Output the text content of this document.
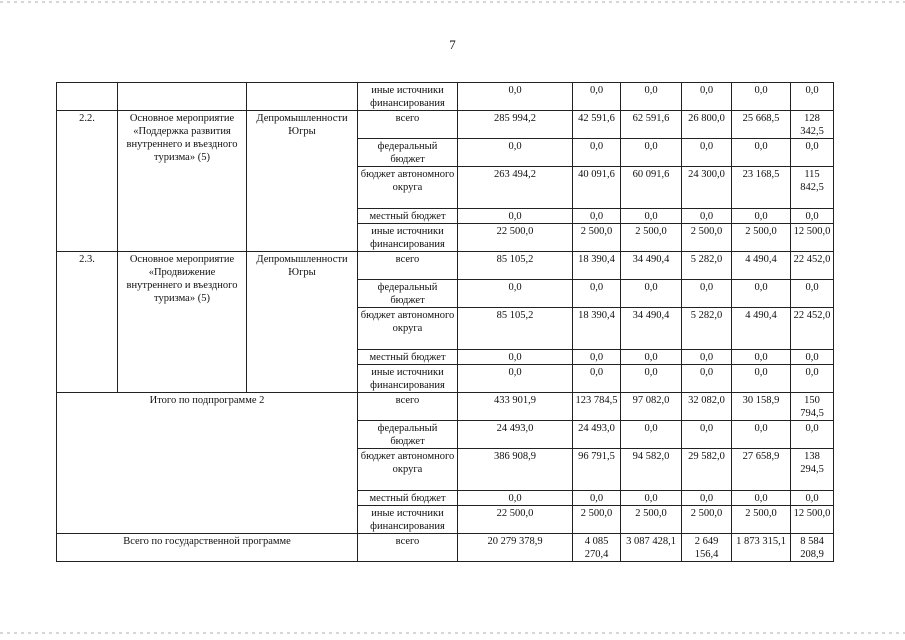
7
			иные источники финансирования	0,0	0,0	0,0	0,0	0,0	0,0
2.2.	Основное мероприятие «Поддержка развития внутреннего и въездного туризма» (5)	Депромышленности Югры	всего	285 994,2	42 591,6	62 591,6	26 800,0	25 668,5	128 342,5
			федеральный бюджет	0,0	0,0	0,0	0,0	0,0	0,0
			бюджет автономного округа	263 494,2	40 091,6	60 091,6	24 300,0	23 168,5	115 842,5
			местный бюджет	0,0	0,0	0,0	0,0	0,0	0,0
			иные источники финансирования	22 500,0	2 500,0	2 500,0	2 500,0	2 500,0	12 500,0
2.3.	Основное мероприятие «Продвижение внутреннего и въездного туризма» (5)	Депромышленности Югры	всего	85 105,2	18 390,4	34 490,4	5 282,0	4 490,4	22 452,0
			федеральный бюджет	0,0	0,0	0,0	0,0	0,0	0,0
			бюджет автономного округа	85 105,2	18 390,4	34 490,4	5 282,0	4 490,4	22 452,0
			местный бюджет	0,0	0,0	0,0	0,0	0,0	0,0
			иные источники финансирования	0,0	0,0	0,0	0,0	0,0	0,0
Итого по подпрограмме 2			всего	433 901,9	123 784,5	97 082,0	32 082,0	30 158,9	150 794,5
			федеральный бюджет	24 493,0	24 493,0	0,0	0,0	0,0	0,0
			бюджет автономного округа	386 908,9	96 791,5	94 582,0	29 582,0	27 658,9	138 294,5
			местный бюджет	0,0	0,0	0,0	0,0	0,0	0,0
			иные источники финансирования	22 500,0	2 500,0	2 500,0	2 500,0	2 500,0	12 500,0
Всего по государственной программе			всего	20 279 378,9	4 085 270,4	3 087 428,1	2 649 156,4	1 873 315,1	8 584 208,9
